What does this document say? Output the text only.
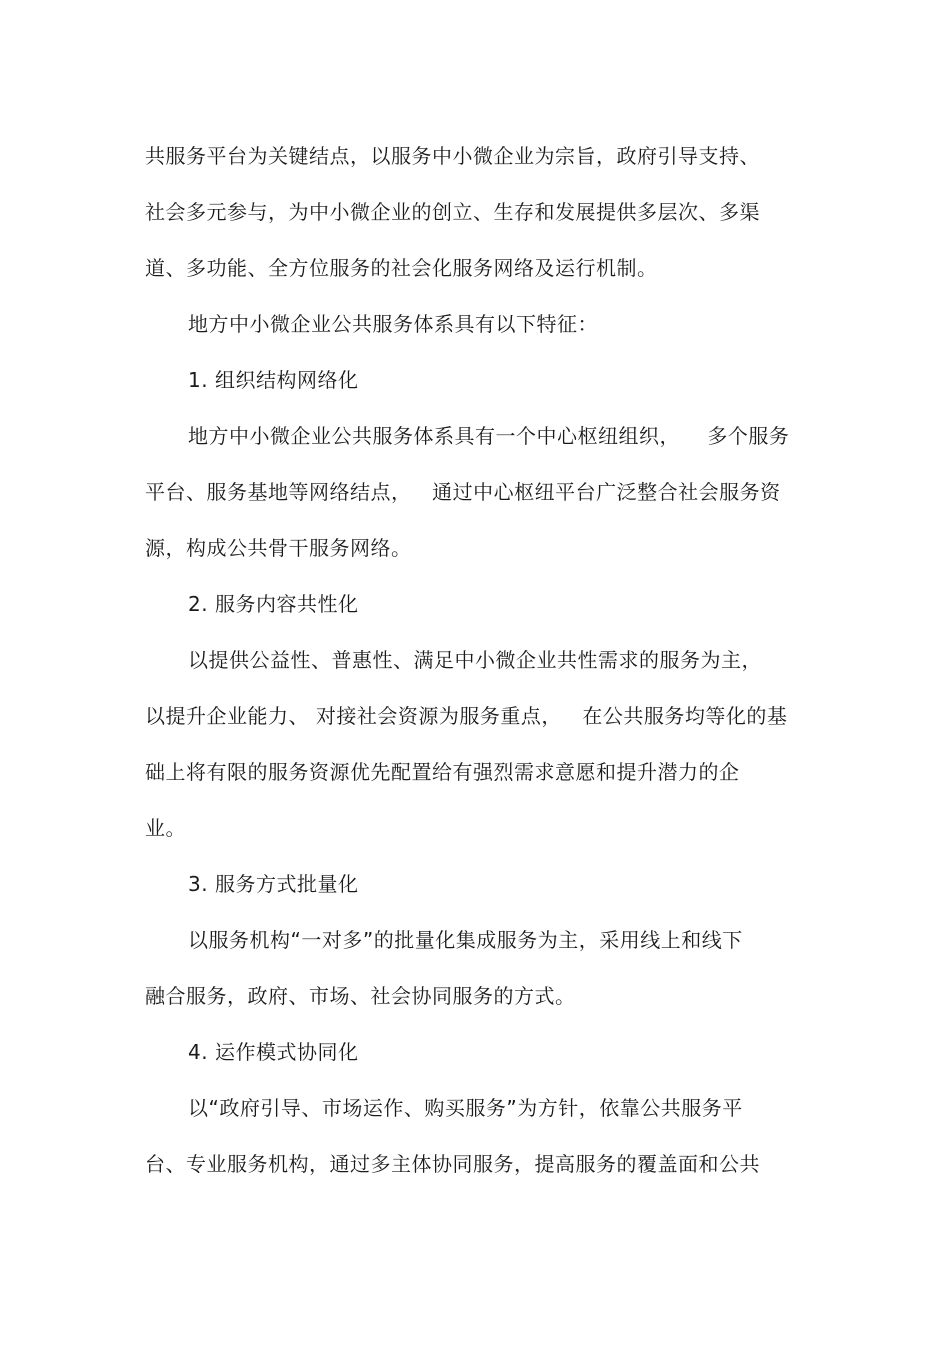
共服务平台为关键结点，以服务中小微企业为宗旨，政府引导支持、
社会多元参与，为中小微企业的创立、生存和发展提供多层次、多渠
道、多功能、全方位服务的社会化服务网络及运行机制。
地方中小微企业公共服务体系具有以下特征：
1. 组织结构网络化
地方中小微企业公共服务体系具有一个中心枢纽组织，    多个服务
平台、服务基地等网络结点，   通过中心枢纽平台广泛整合社会服务资
源，构成公共骨干服务网络。
2. 服务内容共性化
以提供公益性、普惠性、满足中小微企业共性需求的服务为主，
以提升企业能力、 对接社会资源为服务重点，   在公共服务均等化的基
础上将有限的服务资源优先配置给有强烈需求意愿和提升潜力的企
业。
3. 服务方式批量化
以服务机构“一对多”的批量化集成服务为主，采用线上和线下
融合服务，政府、市场、社会协同服务的方式。
4. 运作模式协同化
以“政府引导、市场运作、购买服务”为方针，依靠公共服务平
台、专业服务机构，通过多主体协同服务，提高服务的覆盖面和公共
